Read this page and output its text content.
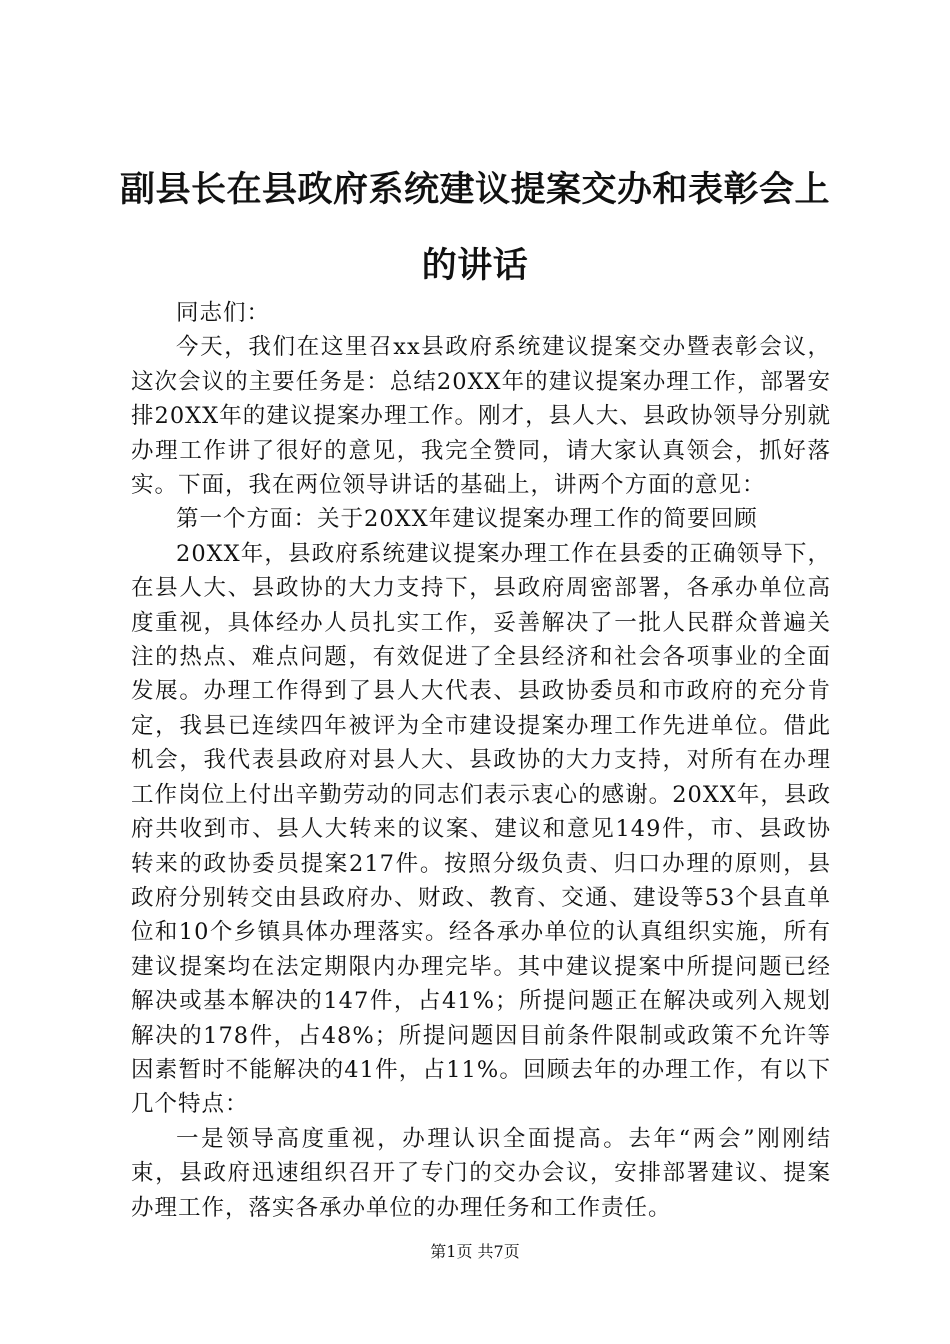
副县长在县政府系统建议提案交办和表彰会上的讲话

同志们：

今天，我们在这里召xx县政府系统建议提案交办暨表彰会议，这次会议的主要任务是：总结20XX年的建议提案办理工作，部署安排20XX年的建议提案办理工作。刚才，县人大、县政协领导分别就办理工作讲了很好的意见，我完全赞同，请大家认真领会，抓好落实。下面，我在两位领导讲话的基础上，讲两个方面的意见：

第一个方面：关于20XX年建议提案办理工作的简要回顾

20XX年，县政府系统建议提案办理工作在县委的正确领导下，在县人大、县政协的大力支持下，县政府周密部署，各承办单位高度重视，具体经办人员扎实工作，妥善解决了一批人民群众普遍关注的热点、难点问题，有效促进了全县经济和社会各项事业的全面发展。办理工作得到了县人大代表、县政协委员和市政府的充分肯定，我县已连续四年被评为全市建设提案办理工作先进单位。借此机会，我代表县政府对县人大、县政协的大力支持，对所有在办理工作岗位上付出辛勤劳动的同志们表示衷心的感谢。20XX年，县政府共收到市、县人大转来的议案、建议和意见149件，市、县政协转来的政协委员提案217件。按照分级负责、归口办理的原则，县政府分别转交由县政府办、财政、教育、交通、建设等53个县直单位和10个乡镇具体办理落实。经各承办单位的认真组织实施，所有建议提案均在法定期限内办理完毕。其中建议提案中所提问题已经解决或基本解决的147件，占41%；所提问题正在解决或列入规划解决的178件，占48%；所提问题因目前条件限制或政策不允许等因素暂时不能解决的41件，占11%。回顾去年的办理工作，有以下几个特点：

一是领导高度重视，办理认识全面提高。去年“两会”刚刚结束，县政府迅速组织召开了专门的交办会议，安排部署建议、提案办理工作，落实各承办单位的办理任务和工作责任。

第1页 共7页
